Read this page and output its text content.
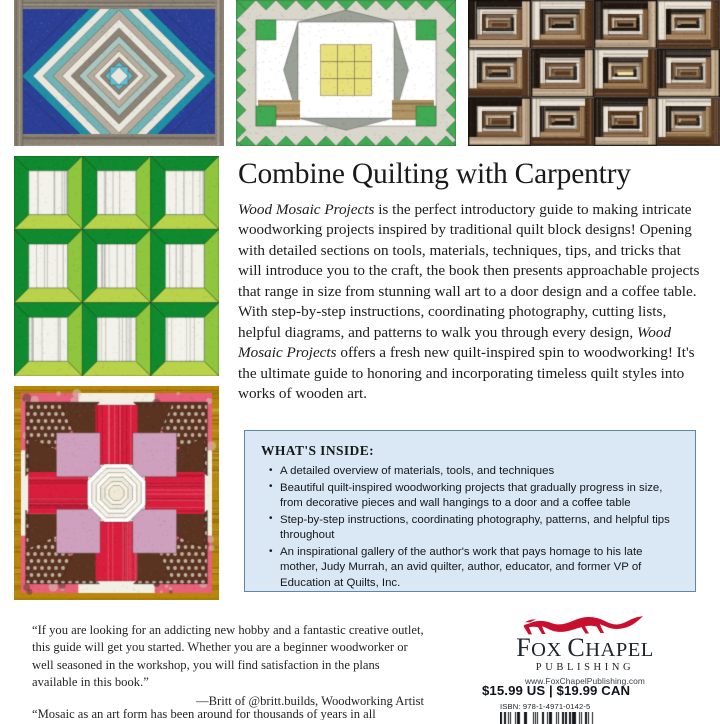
Combine Quilting with Carpentry
Wood Mosaic Projects is the perfect introductory guide to making intricate woodworking projects inspired by traditional quilt block designs! Opening with detailed sections on tools, materials, techniques, tips, and tricks that will introduce you to the craft, the book then presents approachable projects that range in size from stunning wall art to a door design and a coffee table. With step-by-step instructions, coordinating photography, cutting lists, helpful diagrams, and patterns to walk you through every design, Wood Mosaic Projects offers a fresh new quilt-inspired spin to woodworking! It's the ultimate guide to honoring and incorporating timeless quilt styles into works of wooden art.
WHAT'S INSIDE:
• A detailed overview of materials, tools, and techniques
• Beautiful quilt-inspired woodworking projects that gradually progress in size, from decorative pieces and wall hangings to a door and a coffee table
• Step-by-step instructions, coordinating photography, patterns, and helpful tips throughout
• An inspirational gallery of the author's work that pays homage to his late mother, Judy Murrah, an avid quilter, author, educator, and former VP of Education at Quilts, Inc.
“If you are looking for an addicting new hobby and a fantastic creative outlet, this guide will get you started. Whether you are a beginner woodworker or well seasoned in the workshop, you will find satisfaction in the plans available in this book.”
—Britt of @britt.builds, Woodworking Artist
“Mosaic as an art form has been around for thousands of years in all
FOX CHAPEL
PUBLISHING
www.FoxChapelPublishing.com
$15.99 US | $19.99 CAN
ISBN: 978-1-4971-0142-5
